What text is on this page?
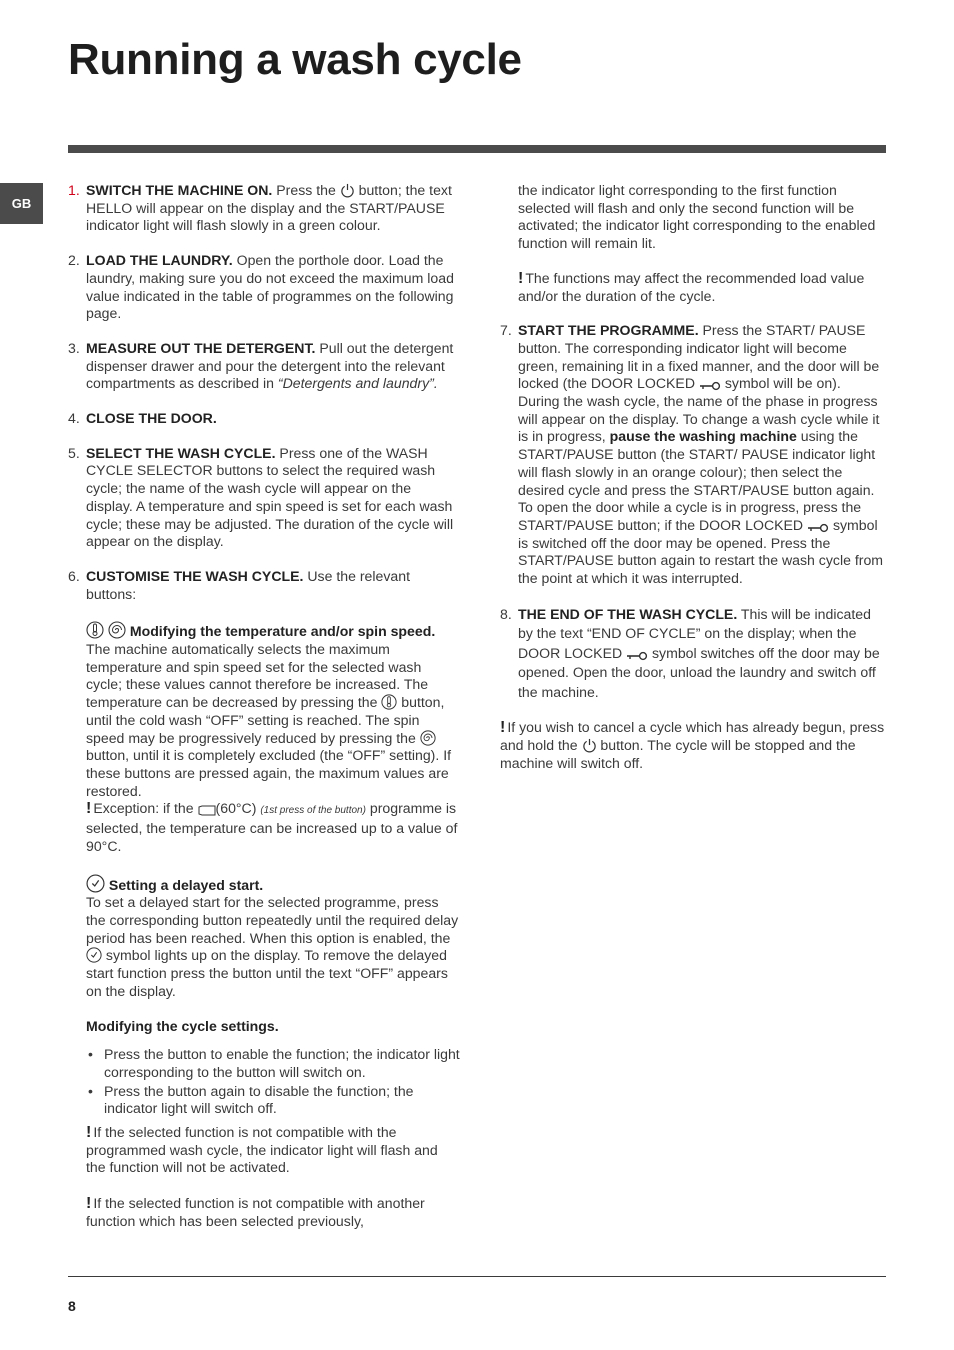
Running a wash cycle
GB
1. SWITCH THE MACHINE ON. Press the  button; the text HELLO will appear on the display and the START/PAUSE indicator light will flash slowly in a green colour.
2. LOAD THE LAUNDRY. Open the porthole door. Load the laundry, making sure you do not exceed the maximum load value indicated in the table of programmes on the following page.
3. MEASURE OUT THE DETERGENT. Pull out the detergent dispenser drawer and pour the detergent into the relevant compartments as described in “Detergents and laundry”.
4. CLOSE THE DOOR.
5. SELECT THE WASH CYCLE. Press one of the WASH CYCLE SELECTOR buttons to select the required wash cycle; the name of the wash cycle will appear on the display. A temperature and spin speed is set for each wash cycle; these may be adjusted. The duration of the cycle will appear on the display.
6. CUSTOMISE THE WASH CYCLE. Use the relevant buttons:

Modifying the temperature and/or spin speed. The machine automatically selects the maximum temperature and spin speed set for the selected wash cycle; these values cannot therefore be increased. The temperature can be decreased by pressing the  button, until the cold wash “OFF” setting is reached. The spin speed may be progressively reduced by pressing the  button, until it is completely excluded (the “OFF” setting). If these buttons are pressed again, the maximum values are restored.
! Exception: if the (60°C) (1st press of the button) programme is selected, the temperature can be increased up to a value of 90°C.

Setting a delayed start.
To set a delayed start for the selected programme, press the corresponding button repeatedly until the required delay period has been reached. When this option is enabled, the  symbol lights up on the display. To remove the delayed start function press the button until the text “OFF” appears on the display.

Modifying the cycle settings.

• Press the button to enable the function; the indicator light corresponding to the button will switch on.
• Press the button again to disable the function; the indicator light will switch off.

! If the selected function is not compatible with the programmed wash cycle, the indicator light will flash and the function will not be activated.

! If the selected function is not compatible with another function which has been selected previously,

the indicator light corresponding to the first function selected will flash and only the second function will be activated; the indicator light corresponding to the enabled function will remain lit.

! The functions may affect the recommended load value and/or the duration of the cycle.

7. START THE PROGRAMME. Press the START/ PAUSE button. The corresponding indicator light will become green, remaining lit in a fixed manner, and the door will be locked (the DOOR LOCKED  symbol will be on). During the wash cycle, the name of the phase in progress will appear on the display. To change a wash cycle while it is in progress, pause the washing machine using the START/PAUSE button (the START/ PAUSE indicator light will flash slowly in an orange colour); then select the desired cycle and press the START/PAUSE button again.
To open the door while a cycle is in progress, press the START/PAUSE button; if the DOOR LOCKED  symbol is switched off the door may be opened. Press the START/PAUSE button again to restart the wash cycle from the point at which it was interrupted.
8. THE END OF THE WASH CYCLE. This will be indicated by the text “END OF CYCLE” on the display; when the DOOR LOCKED  symbol switches off the door may be opened. Open the door, unload the laundry and switch off the machine.

! If you wish to cancel a cycle which has already begun, press and hold the  button. The cycle will be stopped and the machine will switch off.

8
